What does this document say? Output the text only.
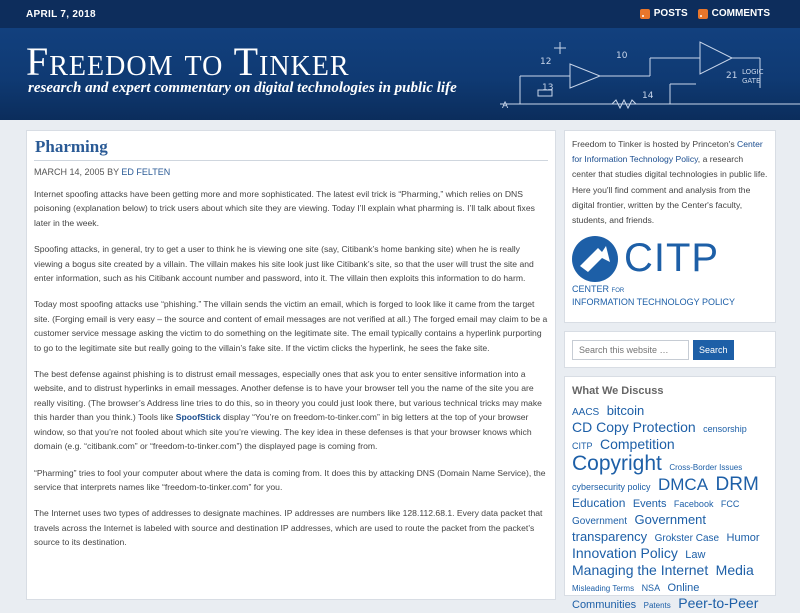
APRIL 7, 2018	POSTS COMMENTS
Freedom to Tinker
research and expert commentary on digital technologies in public life
12
10
13
14
21 LOGIC
GATE
A
Pharming
MARCH 14, 2005 BY ED FELTEN

Internet spoofing attacks have been getting more and more sophisticated. The latest evil trick is “Pharming,” which relies on DNS poisoning (explanation below) to trick users about which site they are viewing. Today I’ll explain what pharming is. I’ll talk about fixes later in the week.

Spoofing attacks, in general, try to get a user to think he is viewing one site (say, Citibank’s home banking site) when he is really viewing a bogus site created by a villain. The villain makes his site look just like Citibank’s site, so that the user will trust the site and enter information, such as his Citibank account number and password, into it. The villain then exploits this information to do harm.

Today most spoofing attacks use “phishing.” The villain sends the victim an email, which is forged to look like it came from the target site. (Forging email is very easy – the source and content of email messages are not verified at all.) The forged email may claim to be a customer service message asking the victim to do something on the legitimate site. The email typically contains a hyperlink purporting to go to the legitimate site but really going to the villain’s fake site. If the victim clicks the hyperlink, he sees the fake site.

The best defense against phishing is to distrust email messages, especially ones that ask you to enter sensitive information into a website, and to distrust hyperlinks in email messages. Another defense is to have your browser tell you the name of the site you are really visiting. (The browser’s Address line tries to do this, so in theory you could just look there, but various technical tricks may make this harder than you think.) Tools like SpoofStick display “You’re on freedom-to-tinker.com” in big letters at the top of your browser window, so that you’re not fooled about which site you’re viewing. The key idea in these defenses is that your browser knows which domain (e.g. “citibank.com” or “freedom-to-tinker.com”) the displayed page is coming from.

“Pharming” tries to fool your computer about where the data is coming from. It does this by attacking DNS (Domain Name Service), the service that interprets names like “freedom-to-tinker.com” for you.

The Internet uses two types of addresses to designate machines. IP addresses are numbers like 128.112.68.1. Every data packet that travels across the Internet is labeled with source and destination IP addresses, which are used to route the packet from the packet’s source to its destination.

Freedom to Tinker is hosted by Princeton's Center for Information Technology Policy, a research center that studies digital technologies in public life. Here you'll find comment and analysis from the digital frontier, written by the Center's faculty, students, and friends.
CITP
CENTER FOR
INFORMATION TECHNOLOGY POLICY
Search this website …
Search
What We Discuss
AACS bitcoin CD Copy Protection censorship CITP Competition Copyright Cross-Border Issues cybersecurity policy DMCA DRM Education Events Facebook FCC Government Government transparency Grokster Case Humor Innovation Policy Law Managing the Internet Media Misleading Terms NSA Online Communities Patents Peer-to-Peer
